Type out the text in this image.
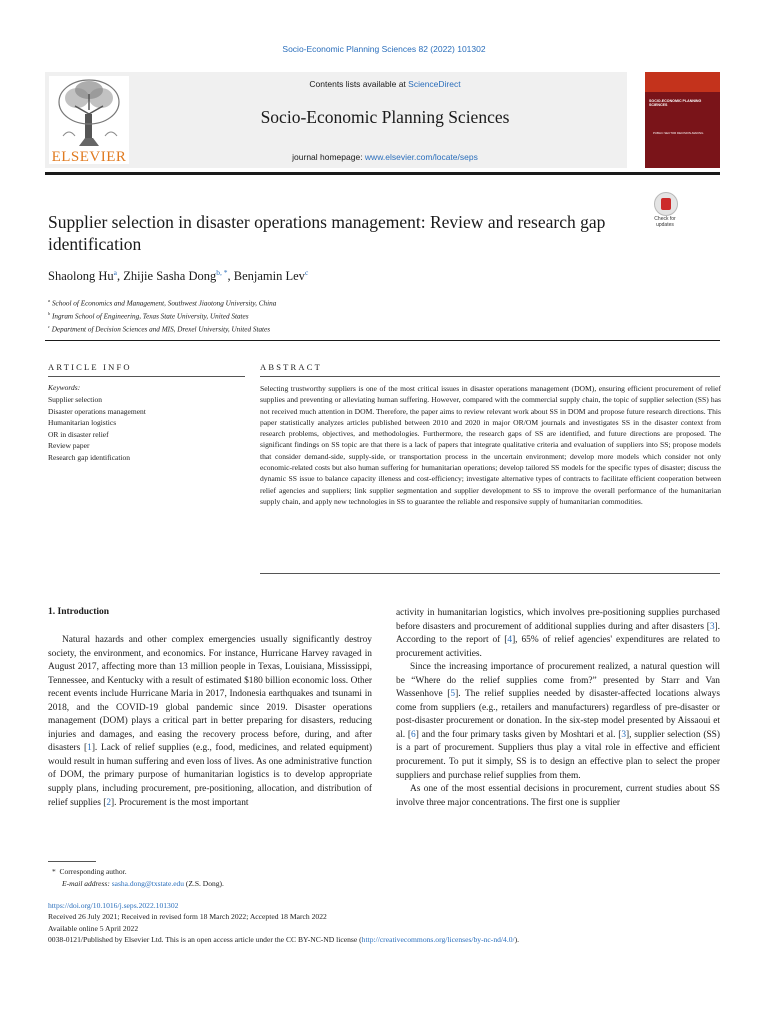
Socio-Economic Planning Sciences 82 (2022) 101302
ELSEVIER
Contents lists available at ScienceDirect
Socio-Economic Planning Sciences
journal homepage: www.elsevier.com/locate/seps
SOCIO-ECONOMIC PLANNING SCIENCES
PUBLIC SECTOR DECISION-MAKING
Supplier selection in disaster operations management: Review and research gap identification
Check for updates
Shaolong Hu$^a$, Zhijie Sasha Dong$^{b, *}$, Benjamin Lev$^c$
$^a$ School of Economics and Management, Southwest Jiaotong University, China
$^b$ Ingram School of Engineering, Texas State University, United States
$^c$ Department of Decision Sciences and MIS, Drexel University, United States
ARTICLE INFO	ABSTRACT
Keywords:
Supplier selection
Disaster operations management
Humanitarian logistics
OR in disaster relief
Review paper
Research gap identification
Selecting trustworthy suppliers is one of the most critical issues in disaster operations management (DOM), ensuring efficient procurement of relief supplies and preventing or alleviating human suffering. However, compared with the commercial supply chain, the topic of supplier selection (SS) has not received much attention in DOM. Therefore, the paper aims to review relevant work about SS in DOM and propose future research directions. This paper statistically analyzes articles published between 2010 and 2020 in major OR/OM journals and investigates SS in the disaster context from research problems, objectives, and methodologies. Furthermore, the research gaps of SS are identified, and future directions are proposed. The significant findings on SS topic are that there is a lack of papers that integrate qualitative criteria and evaluation of suppliers into SS; propose models that consider demand-side, supply-side, or transportation process in the uncertain environment; develop more models which consider not only economic-related costs but also human suffering for humanitarian operations; develop tailored SS models for the specific types of disaster; discuss the dynamic SS issue to balance capacity illeness and cost-efficiency; investigate alternative types of contracts to facilitate efficient cooperation between relief agencies and suppliers; link supplier segmentation and supplier development to SS to improve the overall performance of the humanitarian supply chain, and apply new technologies in SS to guarantee the reliable and responsive supply of humanitarian commodities.
1. Introduction

Natural hazards and other complex emergencies usually significantly destroy society, the environment, and economics. For instance, Hurricane Harvey ravaged in August 2017, affecting more than 13 million people in Texas, Louisiana, Mississippi, Tennessee, and Kentucky with a result of estimated $180 billion economic loss. Other recent events include Hurricane Maria in 2017, Indonesia earthquakes and tsunami in 2018, and the COVID-19 global pandemic since 2019. Disaster operations management (DOM) plays a critical part in better preparing for disasters, reducing injuries and damages, and easing the recovery process before, during, and after disasters [1]. Lack of relief supplies (e.g., food, medicines, and related equipment) would result in human suffering and even loss of lives. As one administrative function of DOM, the primary purpose of humanitarian logistics is to develop appropriate supply plans, including procurement, pre-positioning, allocation, and distribution of relief supplies [2]. Procurement is the most important

activity in humanitarian logistics, which involves pre-positioning supplies purchased before disasters and procurement of additional supplies during and after disasters [3]. According to the report of [4], 65% of relief agencies' expenditures are related to procurement activities.

Since the increasing importance of procurement realized, a natural question will be “Where do the relief supplies come from?” presented by Starr and Van Wassenhove [5]. The relief supplies needed by disaster-affected locations always come from suppliers (e.g., retailers and manufacturers) regardless of pre-disaster or post-disaster procurement or donation. In the six-step model presented by Aissaoui et al. [6] and the four primary tasks given by Moshtari et al. [3], supplier selection (SS) is a part of procurement. Suppliers thus play a vital role in effective and efficient procurement. To put it simply, SS is to design an effective plan to select the proper suppliers and purchase relief supplies from them.

As one of the most essential decisions in procurement, current studies about SS involve three major concentrations. The first one is supplier

* Corresponding author.
E-mail address: sasha.dong@txstate.edu (Z.S. Dong).
https://doi.org/10.1016/j.seps.2022.101302
Received 26 July 2021; Received in revised form 18 March 2022; Accepted 18 March 2022
Available online 5 April 2022
0038-0121/Published by Elsevier Ltd. This is an open access article under the CC BY-NC-ND license (http://creativecommons.org/licenses/by-nc-nd/4.0/).
